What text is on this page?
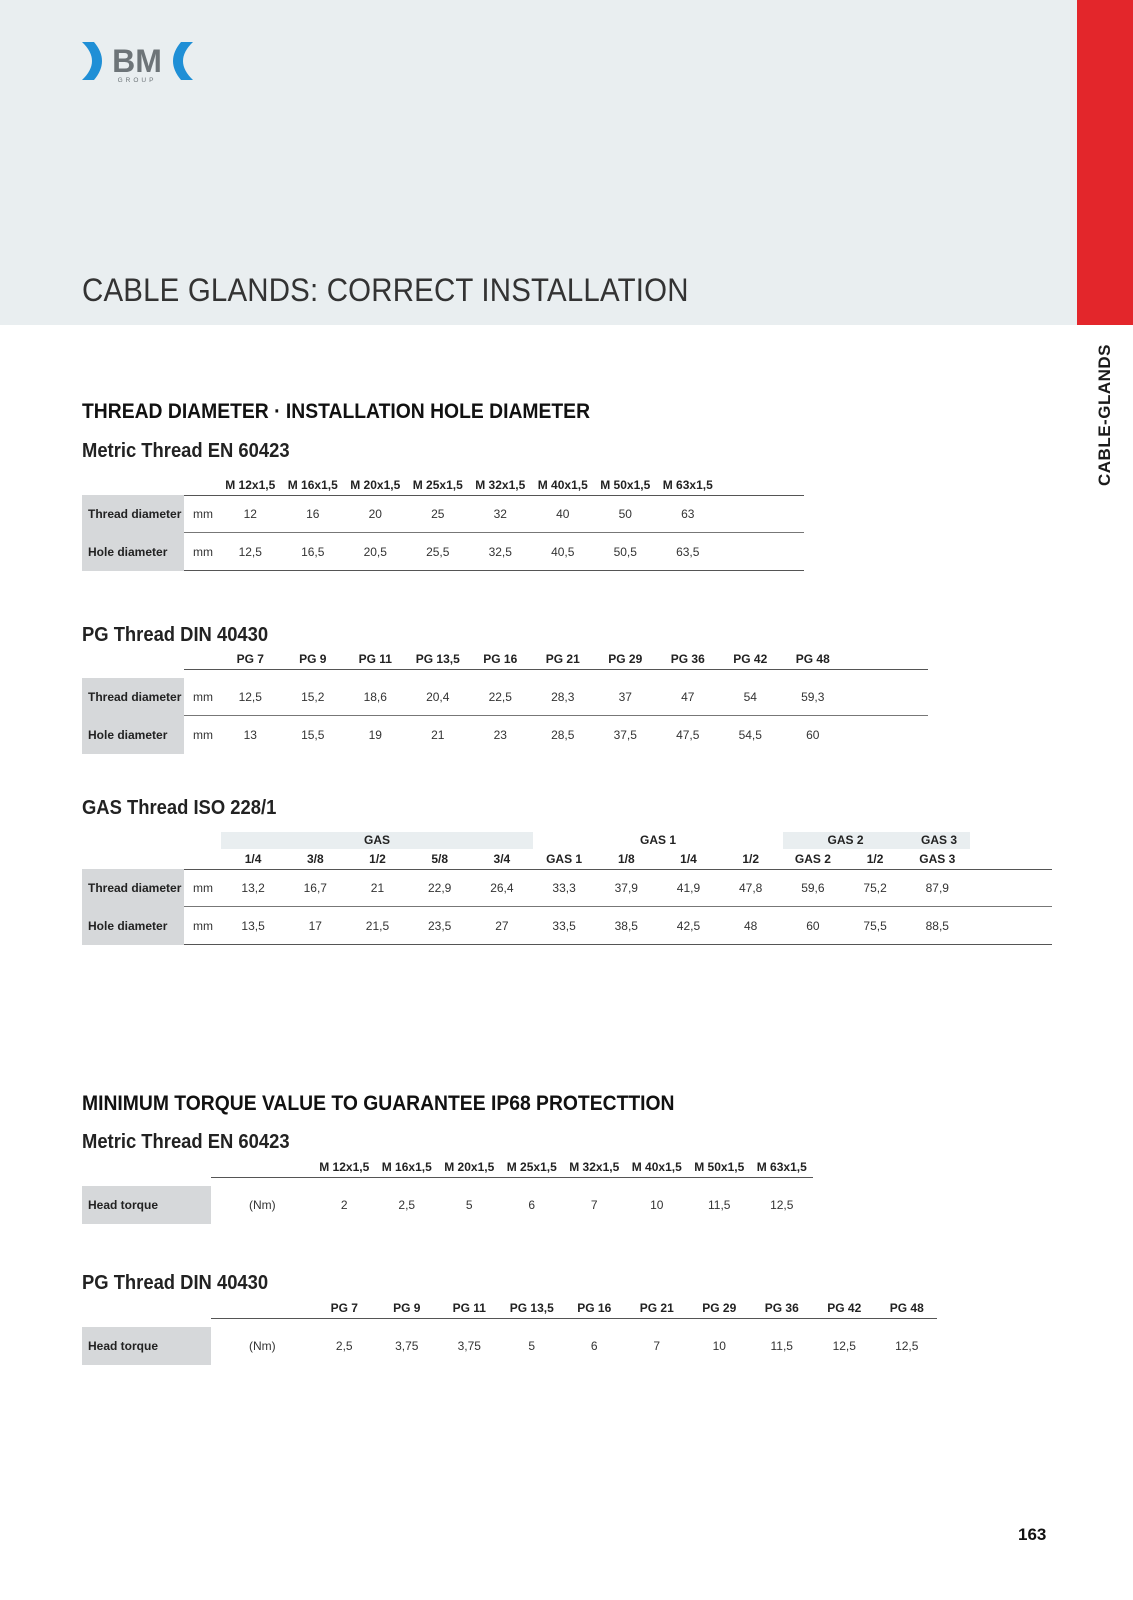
CABLE-GLANDS
BM
GROUP
CABLE GLANDS: CORRECT INSTALLATION
THREAD DIAMETER · INSTALLATION HOLE DIAMETER
Metric Thread EN 60423
M 12x1,5	M 16x1,5	M 20x1,5	M 25x1,5	M 32x1,5	M 40x1,5	M 50x1,5	M 63x1,5
Thread diameter mm	12	16	20	25	32	40	50	63
Hole diameter	mm	12,5	16,5	20,5	25,5	32,5	40,5	50,5	63,5
PG Thread DIN 40430
PG 7	PG 9	PG 11	PG 13,5	PG 16	PG 21	PG 29	PG 36	PG 42	PG 48
Thread diameter mm	12,5	15,2	18,6	20,4	22,5	28,3	37	47	54	59,3
Hole diameter	mm	13	15,5	19	21	23	28,5	37,5	47,5	54,5	60
GAS Thread ISO 228/1
GAS	GAS 1	GAS 2	GAS 3
1/4	3/8	1/2	5/8	3/4	GAS 1	1/8	1/4	1/2	GAS 2	1/2	GAS 3
Thread diameter mm	13,2	16,7	21	22,9	26,4	33,3	37,9	41,9	47,8	59,6	75,2	87,9
Hole diameter	mm	13,5	17	21,5	23,5	27	33,5	38,5	42,5	48	60	75,5	88,5
MINIMUM TORQUE VALUE TO GUARANTEE IP68 PROTECTTION
Metric Thread EN 60423
M 12x1,5	M 16x1,5	M 20x1,5	M 25x1,5	M 32x1,5	M 40x1,5	M 50x1,5	M 63x1,5
Head torque	(Nm)	2	2,5	5	6	7	10	11,5	12,5
PG Thread DIN 40430
PG 7	PG 9	PG 11	PG 13,5	PG 16	PG 21	PG 29	PG 36	PG 42	PG 48
Head torque	(Nm)	2,5	3,75	3,75	5	6	7	10	11,5	12,5	12,5
163
